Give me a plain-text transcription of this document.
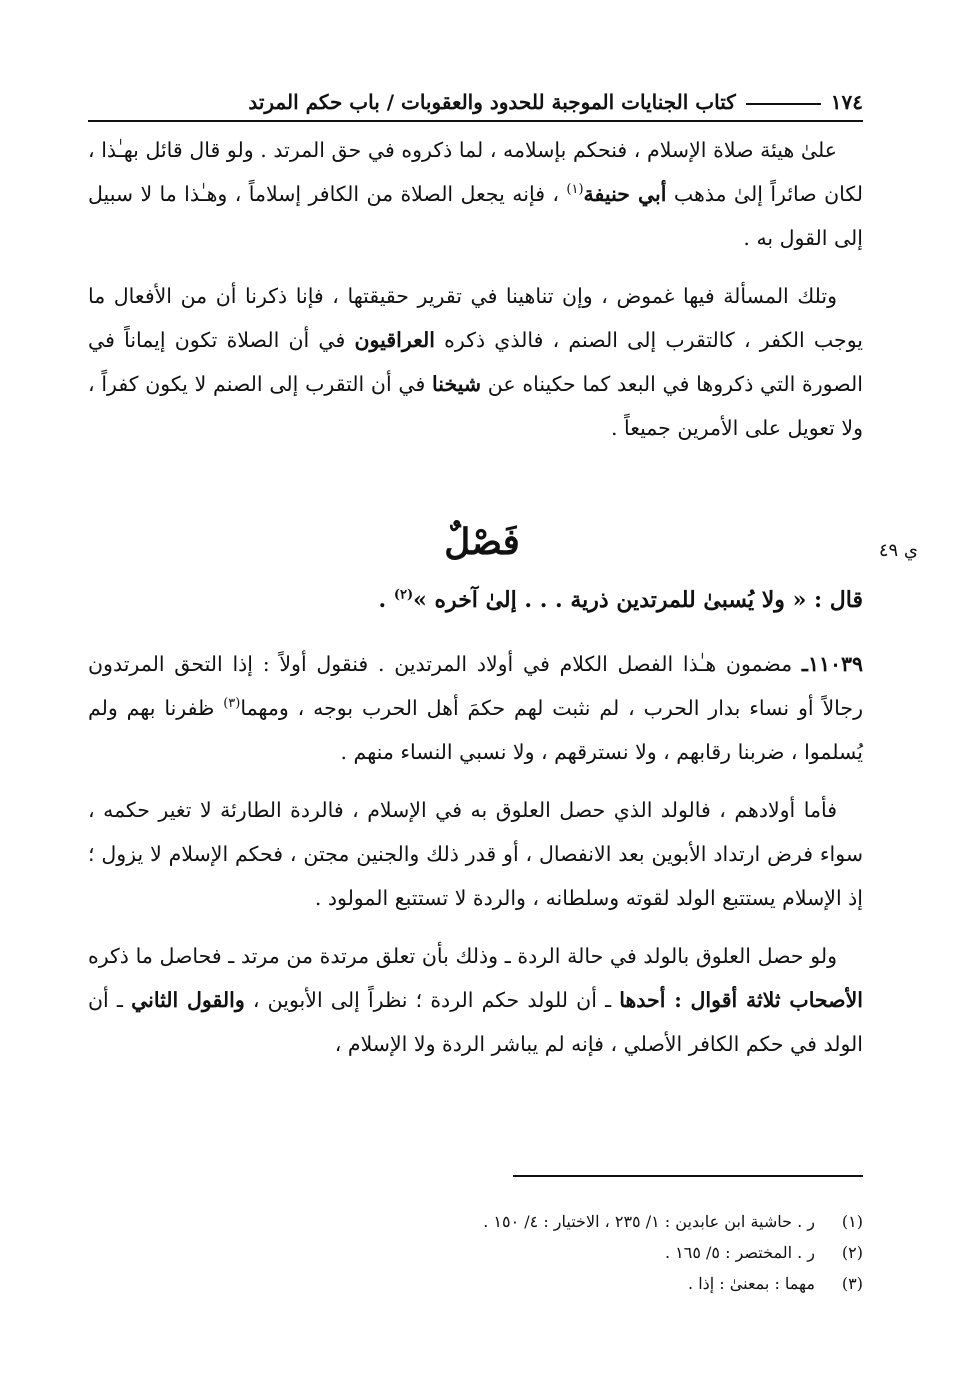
١٧٤
كتاب الجنايات الموجبة للحدود والعقوبات / باب حكم المرتد

علىٰ هيئة صلاة الإسلام ، فنحكم بإسلامه ، لما ذكروه في حق المرتد . ولو قال قائل بهـٰذا ، لكان صائراً إلىٰ مذهب أبي حنيفة$^{(١)}$ ، فإنه يجعل الصلاة من الكافر إسلاماً ، وهـٰذا ما لا سبيل إلى القول به .

وتلك المسألة فيها غموض ، وإن تناهينا في تقرير حقيقتها ، فإنا ذكرنا أن من الأفعال ما يوجب الكفر ، كالتقرب إلى الصنم ، فالذي ذكره العراقيون في أن الصلاة تكون إيماناً في الصورة التي ذكروها في البعد كما حكيناه عن شيخنا في أن التقرب إلى الصنم لا يكون كفراً ، ولا تعويل على الأمرين جميعاً .

فَصْلٌ	ي ٤٩
قال : « ولا يُسبىٰ للمرتدين ذرية . . . إلىٰ آخره »$^{(٢)}$ .

١١٠٣٩ـ مضمون هـٰذا الفصل الكلام في أولاد المرتدين . فنقول أولاً : إذا التحق المرتدون رجالاً أو نساء بدار الحرب ، لم نثبت لهم حكمَ أهل الحرب بوجه ، ومهما$^{(٣)}$ ظفرنا بهم ولم يُسلموا ، ضربنا رقابهم ، ولا نسترقهم ، ولا نسبي النساء منهم .

فأما أولادهم ، فالولد الذي حصل العلوق به في الإسلام ، فالردة الطارئة لا تغير حكمه ، سواء فرض ارتداد الأبوين بعد الانفصال ، أو قدر ذلك والجنين مجتن ، فحكم الإسلام لا يزول ؛ إذ الإسلام يستتبع الولد لقوته وسلطانه ، والردة لا تستتبع المولود .

ولو حصل العلوق بالولد في حالة الردة ـ وذلك بأن تعلق مرتدة من مرتد ـ فحاصل ما ذكره الأصحاب ثلاثة أقوال : أحدها ـ أن للولد حكم الردة ؛ نظراً إلى الأبوين ، والقول الثاني ـ أن الولد في حكم الكافر الأصلي ، فإنه لم يباشر الردة ولا الإسلام ،

(١)
ر . حاشية ابن عابدين : ١/ ٢٣٥ ، الاختيار : ٤/ ١٥٠ .
(٢)
ر . المختصر : ٥/ ١٦٥ .
(٣)
مهما : بمعنىٰ : إذا .
